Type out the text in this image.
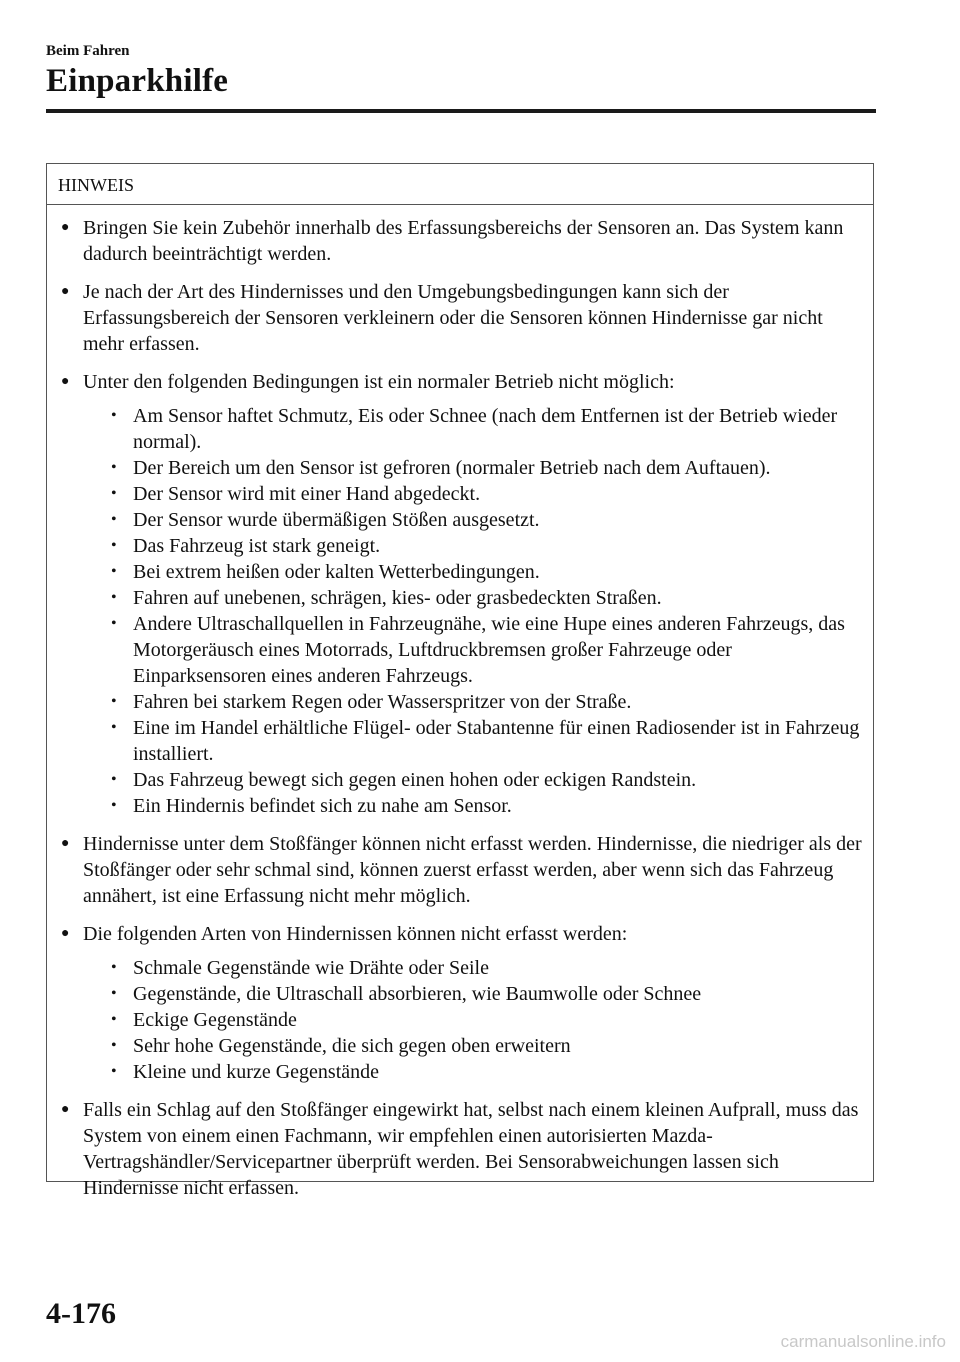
Beim Fahren
Einparkhilfe
HINWEIS
● Bringen Sie kein Zubehör innerhalb des Erfassungsbereichs der Sensoren an. Das System kann dadurch beeinträchtigt werden.
● Je nach der Art des Hindernisses und den Umgebungsbedingungen kann sich der Erfassungsbereich der Sensoren verkleinern oder die Sensoren können Hindernisse gar nicht mehr erfassen.
● Unter den folgenden Bedingungen ist ein normaler Betrieb nicht möglich:
• Am Sensor haftet Schmutz, Eis oder Schnee (nach dem Entfernen ist der Betrieb wieder normal).
• Der Bereich um den Sensor ist gefroren (normaler Betrieb nach dem Auftauen).
• Der Sensor wird mit einer Hand abgedeckt.
• Der Sensor wurde übermäßigen Stößen ausgesetzt.
• Das Fahrzeug ist stark geneigt.
• Bei extrem heißen oder kalten Wetterbedingungen.
• Fahren auf unebenen, schrägen, kies- oder grasbedeckten Straßen.
• Andere Ultraschallquellen in Fahrzeugnähe, wie eine Hupe eines anderen Fahrzeugs, das Motorgeräusch eines Motorrads, Luftdruckbremsen großer Fahrzeuge oder Einparksensoren eines anderen Fahrzeugs.
• Fahren bei starkem Regen oder Wasserspritzer von der Straße.
• Eine im Handel erhältliche Flügel- oder Stabantenne für einen Radiosender ist in Fahrzeug installiert.
• Das Fahrzeug bewegt sich gegen einen hohen oder eckigen Randstein.
• Ein Hindernis befindet sich zu nahe am Sensor.
● Hindernisse unter dem Stoßfänger können nicht erfasst werden. Hindernisse, die niedriger als der Stoßfänger oder sehr schmal sind, können zuerst erfasst werden, aber wenn sich das Fahrzeug annähert, ist eine Erfassung nicht mehr möglich.
● Die folgenden Arten von Hindernissen können nicht erfasst werden:
• Schmale Gegenstände wie Drähte oder Seile
• Gegenstände, die Ultraschall absorbieren, wie Baumwolle oder Schnee
• Eckige Gegenstände
• Sehr hohe Gegenstände, die sich gegen oben erweitern
• Kleine und kurze Gegenstände
● Falls ein Schlag auf den Stoßfänger eingewirkt hat, selbst nach einem kleinen Aufprall, muss das System von einem einen Fachmann, wir empfehlen einen autorisierten Mazda-Vertragshändler/Servicepartner überprüft werden. Bei Sensorabweichungen lassen sich Hindernisse nicht erfassen.
4-176
carmanualsonline.info
